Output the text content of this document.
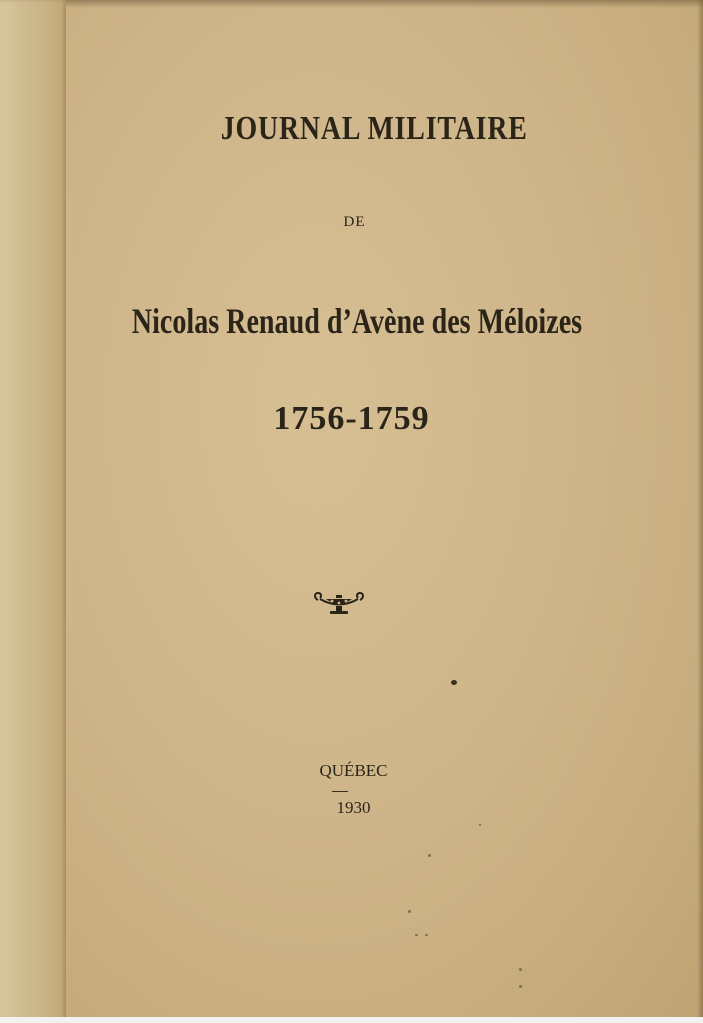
JOURNAL MILITAIRE
DE
Nicolas Renaud d’Avène des Méloizes
1756-1759
QUÉBEC
1930
